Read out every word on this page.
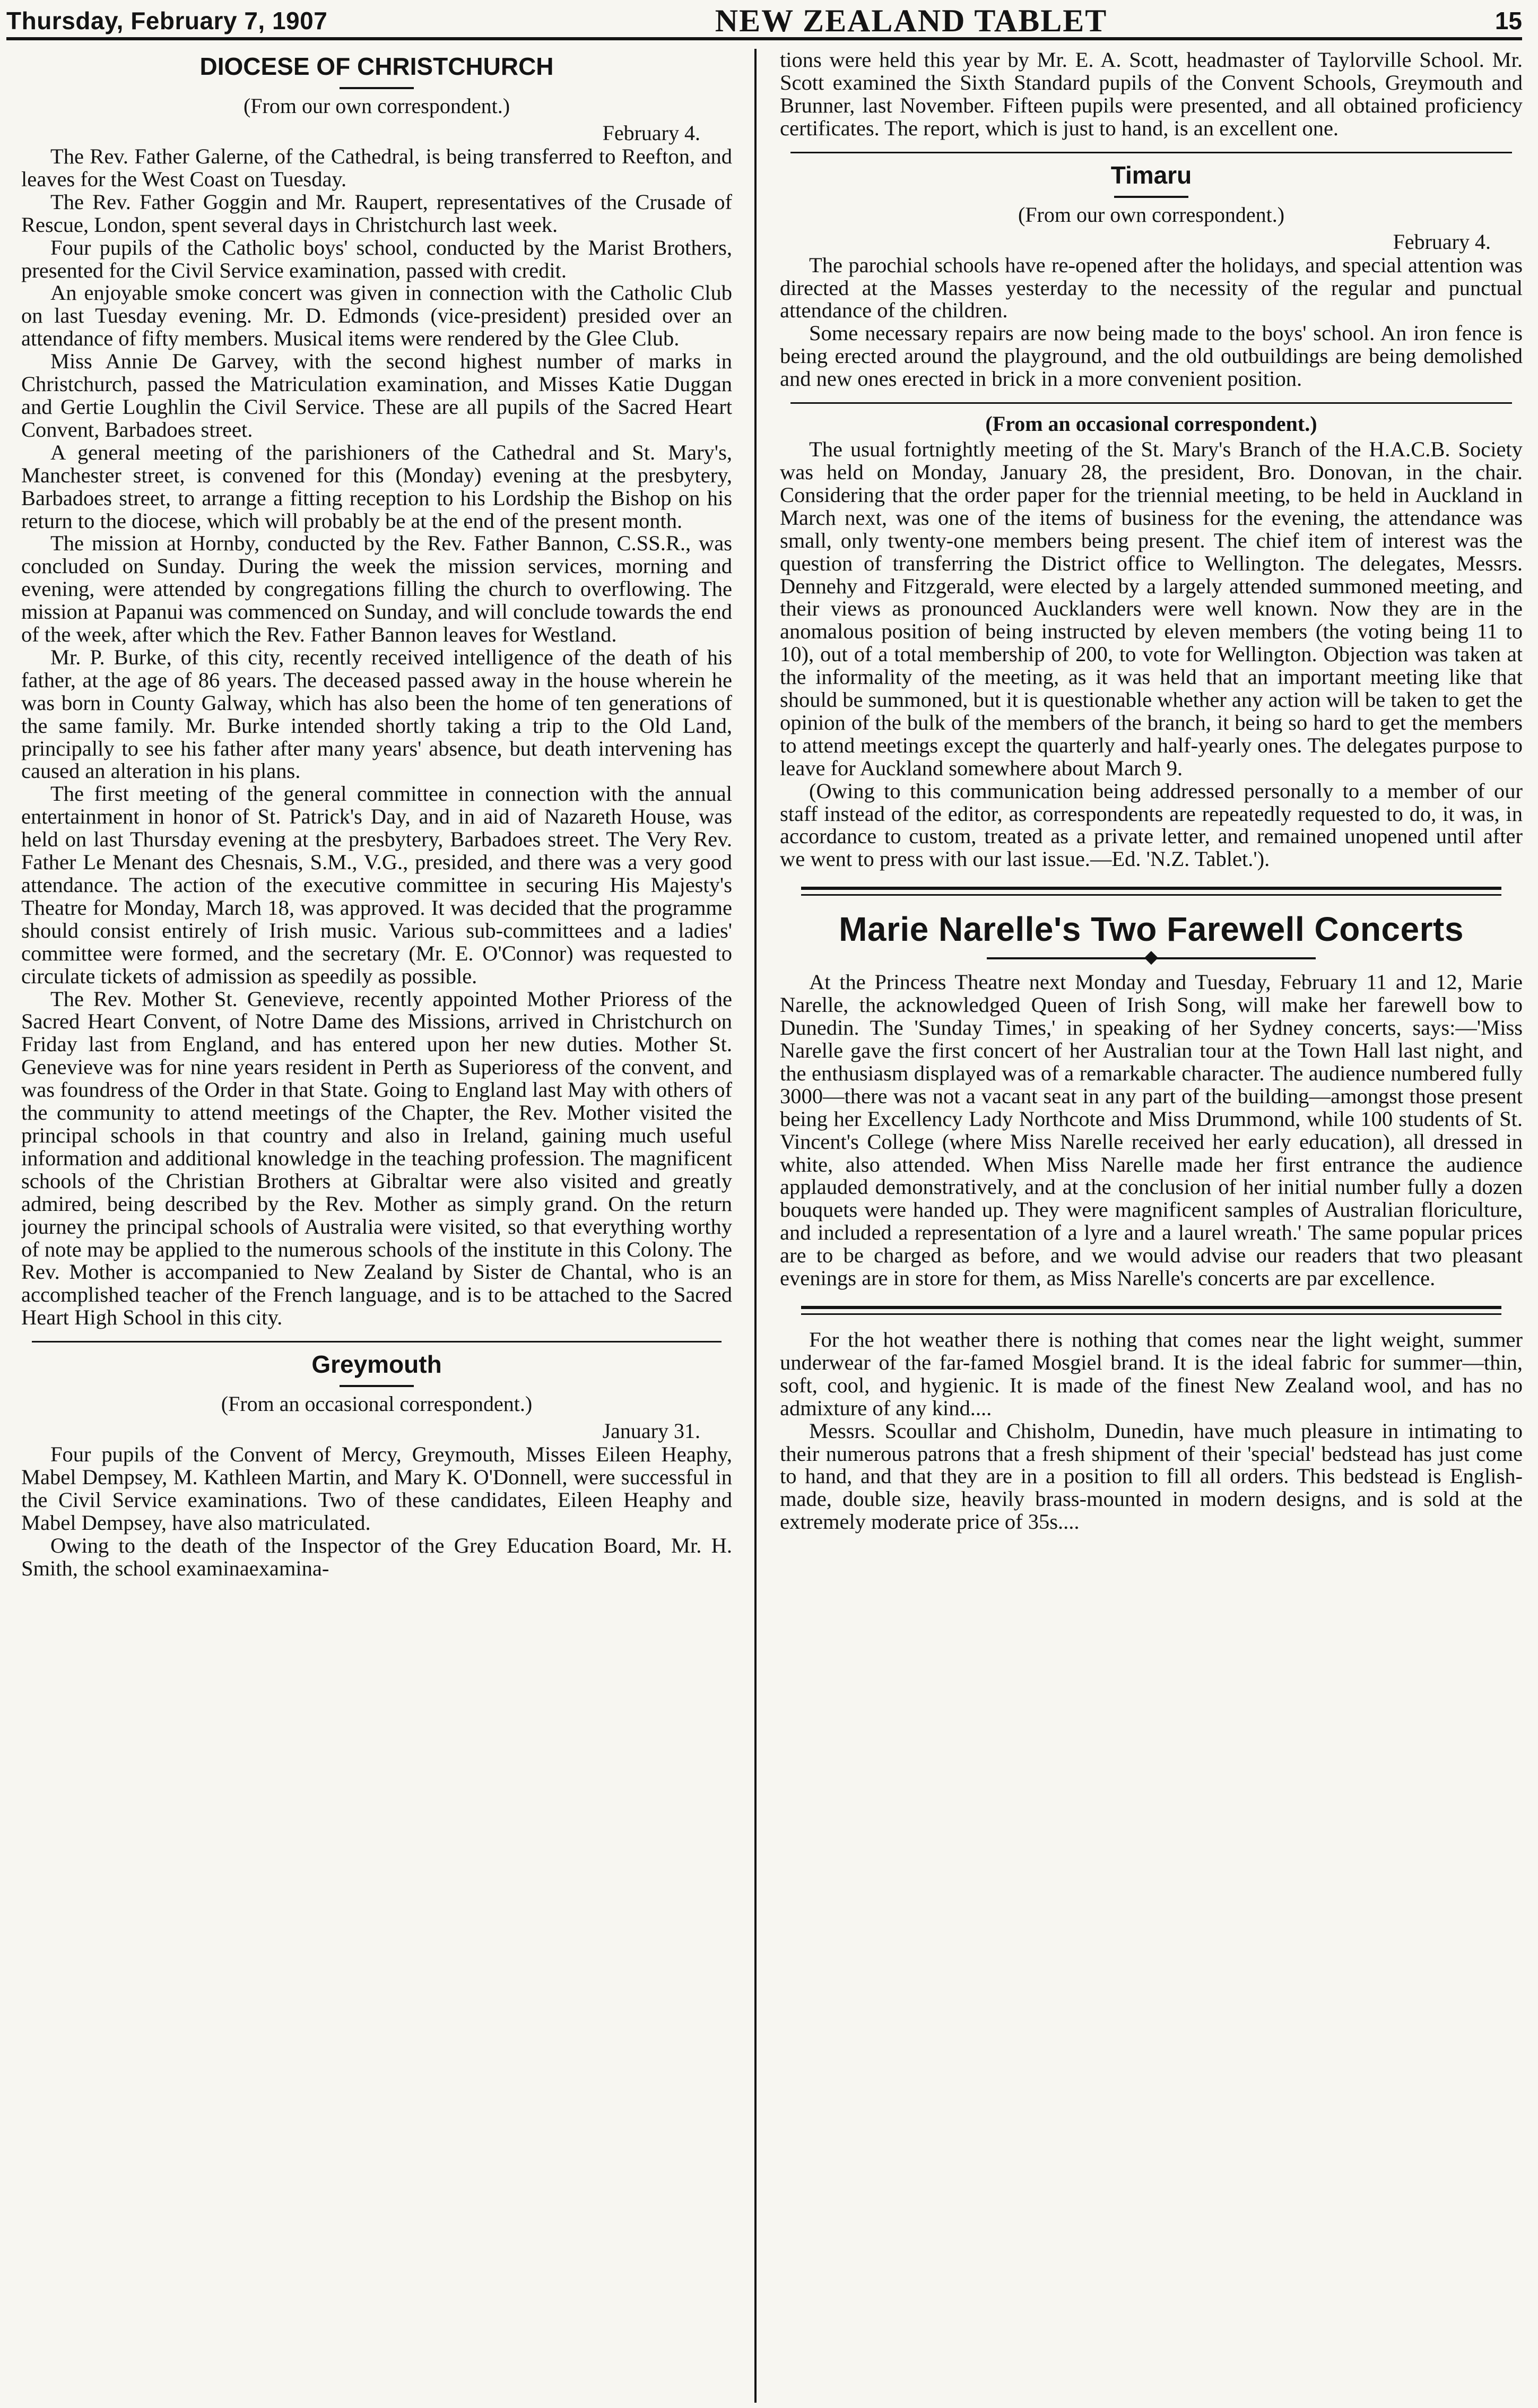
Thursday, February 7, 1907	NEW ZEALAND TABLET	15
DIOCESE OF CHRISTCHURCH

(From our own correspondent.)

February 4.

The Rev. Father Galerne, of the Cathedral, is being transferred to Reefton, and leaves for the West Coast on Tuesday.

The Rev. Father Goggin and Mr. Raupert, representatives of the Crusade of Rescue, London, spent several days in Christchurch last week.

Four pupils of the Catholic boys' school, conducted by the Marist Brothers, presented for the Civil Service examination, passed with credit.

An enjoyable smoke concert was given in connection with the Catholic Club on last Tuesday evening. Mr. D. Edmonds (vice-president) presided over an attendance of fifty members. Musical items were rendered by the Glee Club.

Miss Annie De Garvey, with the second highest number of marks in Christchurch, passed the Matriculation examination, and Misses Katie Duggan and Gertie Loughlin the Civil Service. These are all pupils of the Sacred Heart Convent, Barbadoes street.

A general meeting of the parishioners of the Cathedral and St. Mary's, Manchester street, is convened for this (Monday) evening at the presbytery, Barbadoes street, to arrange a fitting reception to his Lordship the Bishop on his return to the diocese, which will probably be at the end of the present month.

The mission at Hornby, conducted by the Rev. Father Bannon, C.SS.R., was concluded on Sunday. During the week the mission services, morning and evening, were attended by congregations filling the church to overflowing. The mission at Papanui was commenced on Sunday, and will conclude towards the end of the week, after which the Rev. Father Bannon leaves for Westland.

Mr. P. Burke, of this city, recently received intelligence of the death of his father, at the age of 86 years. The deceased passed away in the house wherein he was born in County Galway, which has also been the home of ten generations of the same family. Mr. Burke intended shortly taking a trip to the Old Land, principally to see his father after many years' absence, but death intervening has caused an alteration in his plans.

The first meeting of the general committee in connection with the annual entertainment in honor of St. Patrick's Day, and in aid of Nazareth House, was held on last Thursday evening at the presbytery, Barbadoes street. The Very Rev. Father Le Menant des Chesnais, S.M., V.G., presided, and there was a very good attendance. The action of the executive committee in securing His Majesty's Theatre for Monday, March 18, was approved. It was decided that the programme should consist entirely of Irish music. Various sub-committees and a ladies' committee were formed, and the secretary (Mr. E. O'Connor) was requested to circulate tickets of admission as speedily as possible.

The Rev. Mother St. Genevieve, recently appointed Mother Prioress of the Sacred Heart Convent, of Notre Dame des Missions, arrived in Christchurch on Friday last from England, and has entered upon her new duties. Mother St. Genevieve was for nine years resident in Perth as Superioress of the convent, and was foundress of the Order in that State. Going to England last May with others of the community to attend meetings of the Chapter, the Rev. Mother visited the principal schools in that country and also in Ireland, gaining much useful information and additional knowledge in the teaching profession. The magnificent schools of the Christian Brothers at Gibraltar were also visited and greatly admired, being described by the Rev. Mother as simply grand. On the return journey the principal schools of Australia were visited, so that everything worthy of note may be applied to the numerous schools of the institute in this Colony. The Rev. Mother is accompanied to New Zealand by Sister de Chantal, who is an accomplished teacher of the French language, and is to be attached to the Sacred Heart High School in this city.

Greymouth

(From an occasional correspondent.)

January 31.

Four pupils of the Convent of Mercy, Greymouth, Misses Eileen Heaphy, Mabel Dempsey, M. Kathleen Martin, and Mary K. O'Donnell, were successful in the Civil Service examinations. Two of these candidates, Eileen Heaphy and Mabel Dempsey, have also matriculated.

Owing to the death of the Inspector of the Grey Education Board, Mr. H. Smith, the school examinaexamina-

tions were held this year by Mr. E. A. Scott, headmaster of Taylorville School. Mr. Scott examined the Sixth Standard pupils of the Convent Schools, Greymouth and Brunner, last November. Fifteen pupils were presented, and all obtained proficiency certificates. The report, which is just to hand, is an excellent one.

Timaru

(From our own correspondent.)

February 4.

The parochial schools have re-opened after the holidays, and special attention was directed at the Masses yesterday to the necessity of the regular and punctual attendance of the children.

Some necessary repairs are now being made to the boys' school. An iron fence is being erected around the playground, and the old outbuildings are being demolished and new ones erected in brick in a more convenient position.

(From an occasional correspondent.)

The usual fortnightly meeting of the St. Mary's Branch of the H.A.C.B. Society was held on Monday, January 28, the president, Bro. Donovan, in the chair. Considering that the order paper for the triennial meeting, to be held in Auckland in March next, was one of the items of business for the evening, the attendance was small, only twenty-one members being present. The chief item of interest was the question of transferring the District office to Wellington. The delegates, Messrs. Dennehy and Fitzgerald, were elected by a largely attended summoned meeting, and their views as pronounced Aucklanders were well known. Now they are in the anomalous position of being instructed by eleven members (the voting being 11 to 10), out of a total membership of 200, to vote for Wellington. Objection was taken at the informality of the meeting, as it was held that an important meeting like that should be summoned, but it is questionable whether any action will be taken to get the opinion of the bulk of the members of the branch, it being so hard to get the members to attend meetings except the quarterly and half-yearly ones. The delegates purpose to leave for Auckland somewhere about March 9.

(Owing to this communication being addressed personally to a member of our staff instead of the editor, as correspondents are repeatedly requested to do, it was, in accordance to custom, treated as a private letter, and remained unopened until after we went to press with our last issue.—Ed. 'N.Z. Tablet.').

Marie Narelle's Two Farewell Concerts
◆

At the Princess Theatre next Monday and Tuesday, February 11 and 12, Marie Narelle, the acknowledged Queen of Irish Song, will make her farewell bow to Dunedin. The 'Sunday Times,' in speaking of her Sydney concerts, says:—'Miss Narelle gave the first concert of her Australian tour at the Town Hall last night, and the enthusiasm displayed was of a remarkable character. The audience numbered fully 3000—there was not a vacant seat in any part of the building—amongst those present being her Excellency Lady Northcote and Miss Drummond, while 100 students of St. Vincent's College (where Miss Narelle received her early education), all dressed in white, also attended. When Miss Narelle made her first entrance the audience applauded demonstratively, and at the conclusion of her initial number fully a dozen bouquets were handed up. They were magnificent samples of Australian floriculture, and included a representation of a lyre and a laurel wreath.' The same popular prices are to be charged as before, and we would advise our readers that two pleasant evenings are in store for them, as Miss Narelle's concerts are par excellence.

For the hot weather there is nothing that comes near the light weight, summer underwear of the far-famed Mosgiel brand. It is the ideal fabric for summer—thin, soft, cool, and hygienic. It is made of the finest New Zealand wool, and has no admixture of any kind....

Messrs. Scoullar and Chisholm, Dunedin, have much pleasure in intimating to their numerous patrons that a fresh shipment of their 'special' bedstead has just come to hand, and that they are in a position to fill all orders. This bedstead is English-made, double size, heavily brass-mounted in modern designs, and is sold at the extremely moderate price of 35s....
